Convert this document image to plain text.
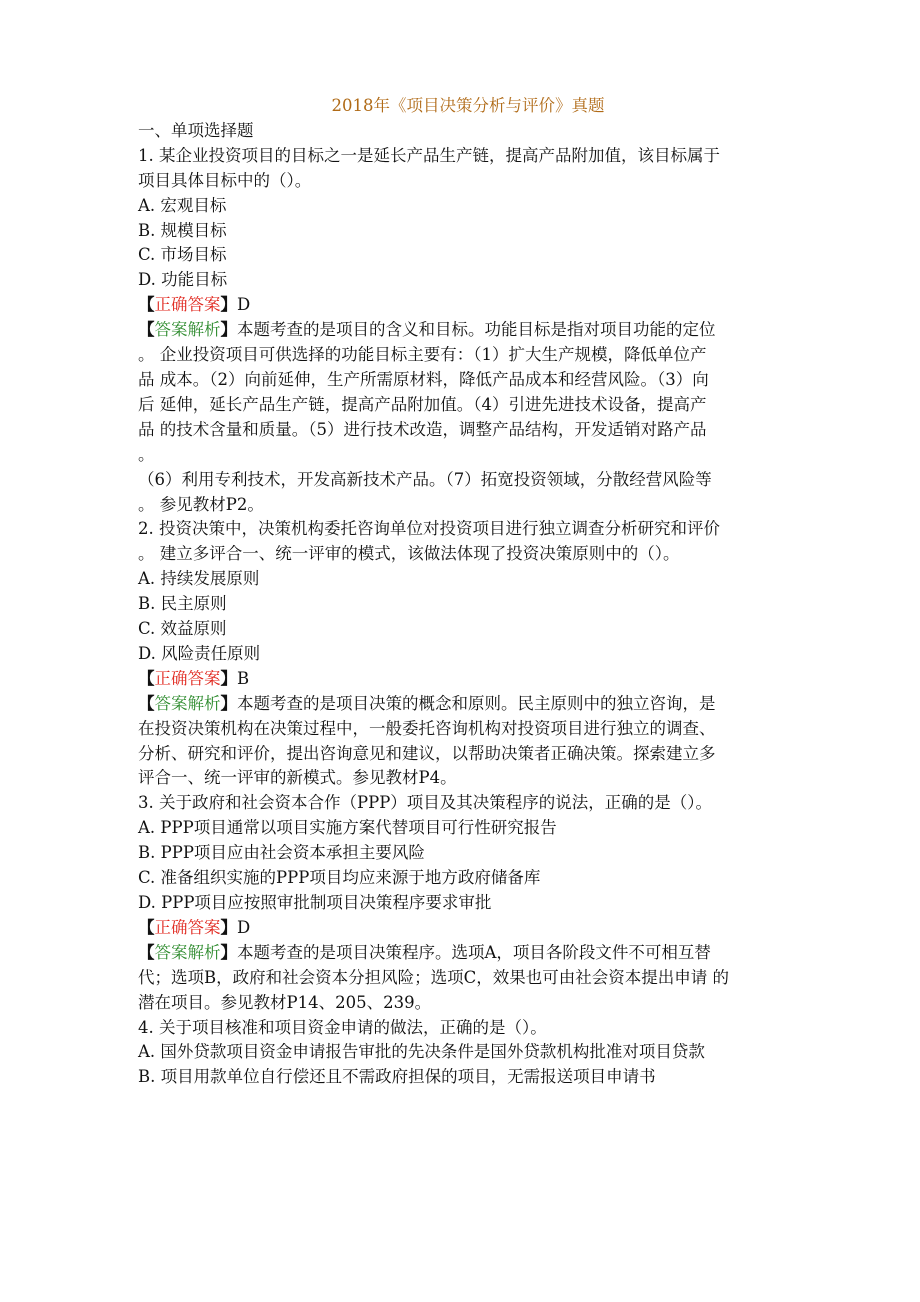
2018年《项目决策分析与评价》真题
一、单项选择题
1. 某企业投资项目的目标之一是延长产品生产链，提高产品附加值，该目标属于
项目具体目标中的（）。
A. 宏观目标
B. 规模目标
C. 市场目标
D. 功能目标
【正确答案】D
【答案解析】本题考查的是项目的含义和目标。功能目标是指对项目功能的定位
。 企业投资项目可供选择的功能目标主要有：（1）扩大生产规模，降低单位产
品 成本。（2）向前延伸，生产所需原材料，降低产品成本和经营风险。（3）向
后 延伸，延长产品生产链，提高产品附加值。（4）引进先进技术设备，提高产
品 的技术含量和质量。（5）进行技术改造，调整产品结构，开发适销对路产品
。
（6）利用专利技术，开发高新技术产品。（7）拓宽投资领域，分散经营风险等
。 参见教材P2。
2. 投资决策中，决策机构委托咨询单位对投资项目进行独立调查分析研究和评价
。 建立多评合一、统一评审的模式，该做法体现了投资决策原则中的（）。
A. 持续发展原则
B. 民主原则
C. 效益原则
D. 风险责任原则
【正确答案】B
【答案解析】本题考查的是项目决策的概念和原则。民主原则中的独立咨询，是
在投资决策机构在决策过程中，一般委托咨询机构对投资项目进行独立的调查、
分析、研究和评价，提出咨询意见和建议，以帮助决策者正确决策。探索建立多
评合一、统一评审的新模式。参见教材P4。
3. 关于政府和社会资本合作（PPP）项目及其决策程序的说法，正确的是（）。
A. PPP项目通常以项目实施方案代替项目可行性研究报告
B. PPP项目应由社会资本承担主要风险
C. 准备组织实施的PPP项目均应来源于地方政府储备库
D. PPP项目应按照审批制项目决策程序要求审批
【正确答案】D
【答案解析】本题考查的是项目决策程序。选项A，项目各阶段文件不可相互替
代；选项B，政府和社会资本分担风险；选项C，效果也可由社会资本提出申请 的
潜在项目。参见教材P14、205、239。
4. 关于项目核准和项目资金申请的做法，正确的是（）。
A. 国外贷款项目资金申请报告审批的先决条件是国外贷款机构批准对项目贷款
B. 项目用款单位自行偿还且不需政府担保的项目，无需报送项目申请书
